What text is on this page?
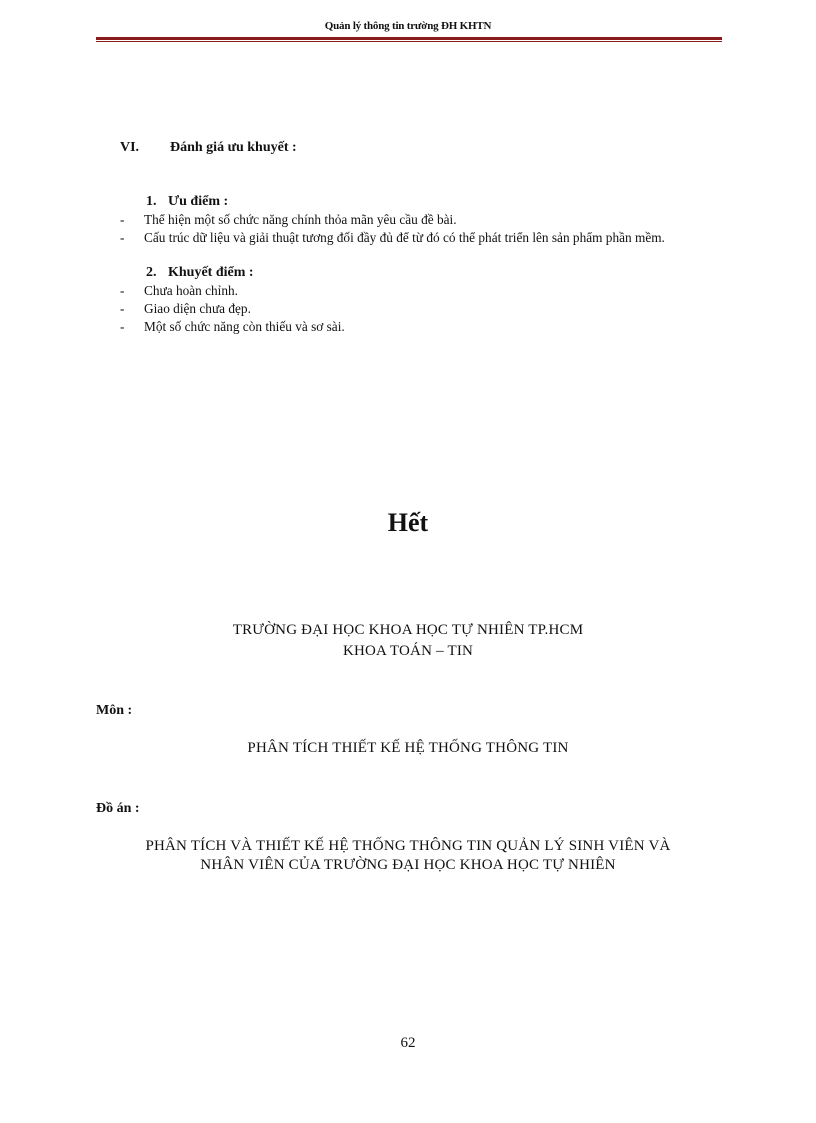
Quản lý thông tin trường ĐH KHTN
VI. Đánh giá ưu khuyết :
1. Ưu điểm :
- Thể hiện một số chức năng chính thỏa mãn yêu cầu đề bài.
- Cấu trúc dữ liệu và giải thuật tương đối đầy đủ để từ đó có thể phát triển lên sản phẩm phần mềm.
2. Khuyết điểm :
- Chưa hoàn chỉnh.
- Giao diện chưa đẹp.
- Một số chức năng còn thiếu và sơ sài.
Hết
TRƯỜNG ĐẠI HỌC KHOA HỌC TỰ NHIÊN TP.HCM
KHOA TOÁN – TIN
Môn :
PHÂN TÍCH THIẾT KẾ HỆ THỐNG THÔNG TIN
Đồ án :
PHÂN TÍCH VÀ THIẾT KẾ HỆ THỐNG THÔNG TIN QUẢN LÝ SINH VIÊN VÀ
NHÂN VIÊN CỦA TRƯỜNG ĐẠI HỌC KHOA HỌC TỰ NHIÊN
62
